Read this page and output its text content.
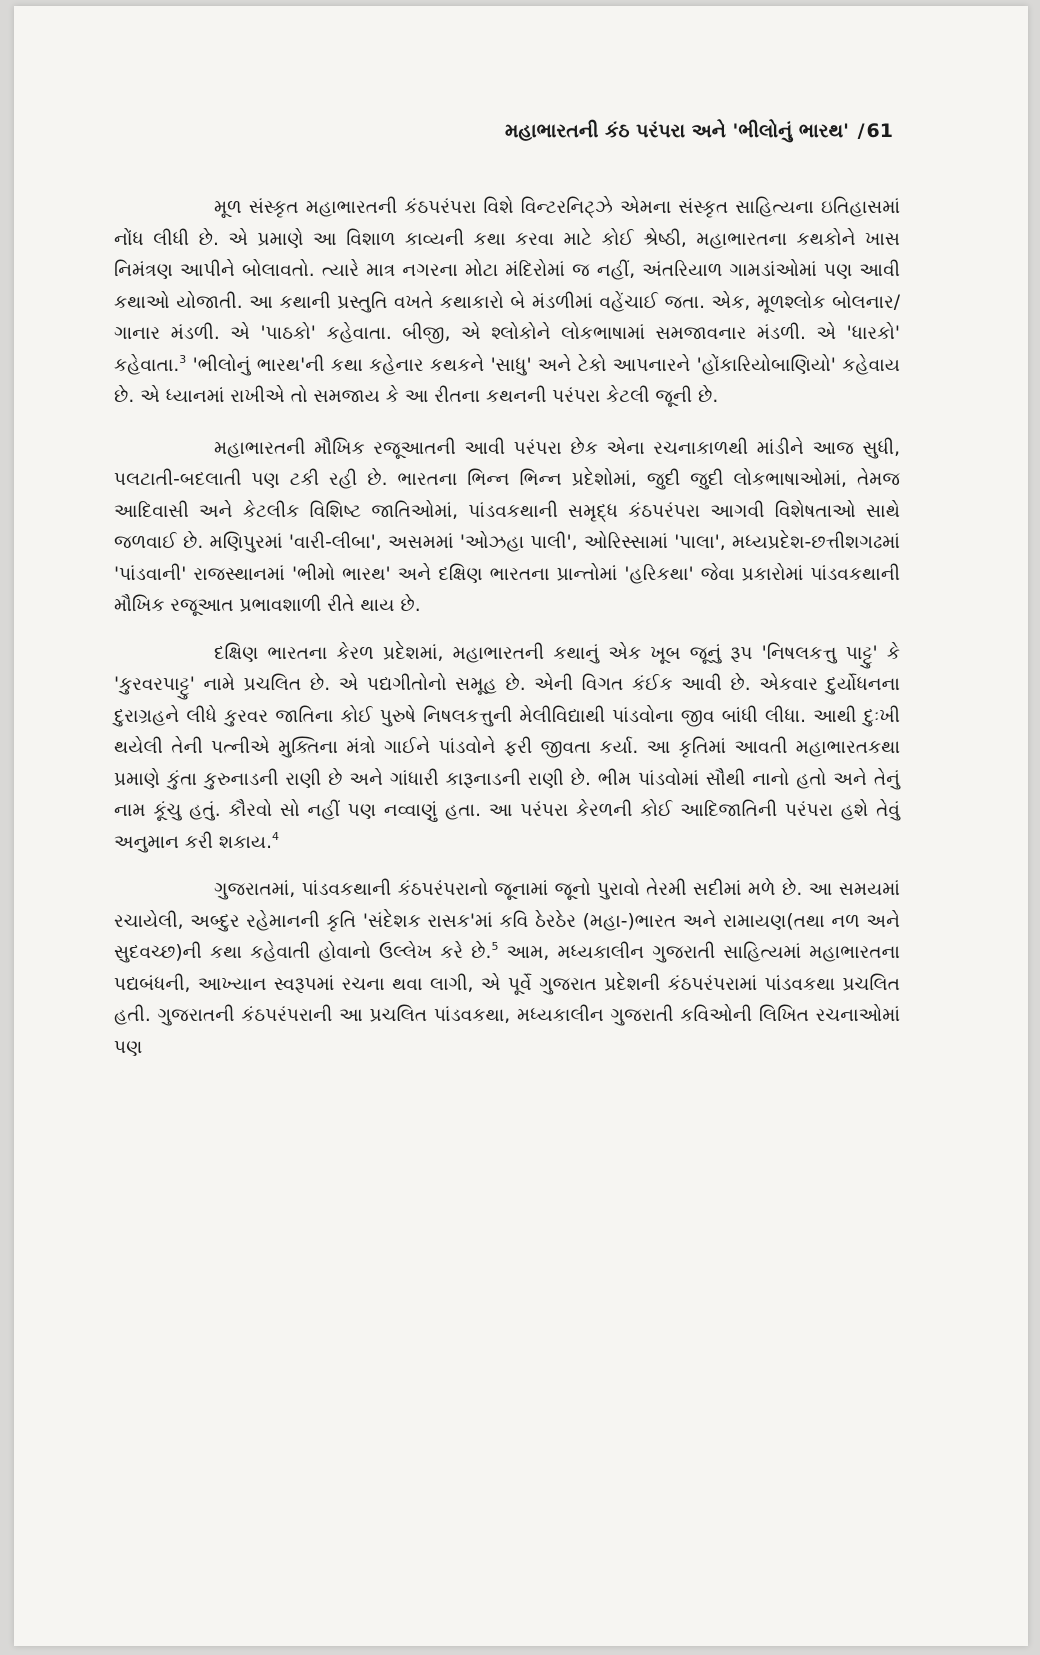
મહાભારતની કંઠ પરંપરા અને 'ભીલોનું ભારથ' / 61

મૂળ સંસ્કૃત મહાભારતની કંઠપરંપરા વિશે વિન્ટરનિટ્ઝે એમના સંસ્કૃત સાહિત્યના ઇતિહાસમાં નોંધ લીધી છે. એ પ્રમાણે આ વિશાળ કાવ્યની કથા કરવા માટે કોઈ શ્રેષ્ઠી, મહાભારતના કથકોને ખાસ નિમંત્રણ આપીને બોલાવતો. ત્યારે માત્ર નગરના મોટા મંદિરોમાં જ નહીં, અંતરિયાળ ગામડાંઓમાં પણ આવી કથાઓ યોજાતી. આ કથાની પ્રસ્તુતિ વખતે કથાકારો બે મંડળીમાં વહેંચાઈ જતા. એક, મૂળશ્લોક બોલનાર/ગાનાર મંડળી. એ 'પાઠકો' કહેવાતા. બીજી, એ શ્લોકોને લોકભાષામાં સમજાવનાર મંડળી. એ 'ધારકો' કહેવાતા.$^3$ 'ભીલોનું ભારથ'ની કથા કહેનાર કથકને 'સાધુ' અને ટેકો આપનારને 'હોંકારિયોબાણિયો' કહેવાય છે. એ ધ્યાનમાં રાખીએ તો સમજાય કે આ રીતના કથનની પરંપરા કેટલી જૂની છે.

મહાભારતની મૌખિક રજૂઆતની આવી પરંપરા છેક એના રચનાકાળથી માંડીને આજ સુધી, પલટાતી-બદલાતી પણ ટકી રહી છે. ભારતના ભિન્ન ભિન્ન પ્રદેશોમાં, જુદી જુદી લોકભાષાઓમાં, તેમજ આદિવાસી અને કેટલીક વિશિષ્ટ જાતિઓમાં, પાંડવકથાની સમૃદ્ધ કંઠપરંપરા આગવી વિશેષતાઓ સાથે જળવાઈ છે. મણિપુરમાં 'વારી-લીબા', અસમમાં 'ઓઝહા પાલી', ઓરિસ્સામાં 'પાલા', મધ્યપ્રદેશ-છત્તીશગઢમાં 'પાંડવાની' રાજસ્થાનમાં 'ભીમો ભારથ' અને દક્ષિણ ભારતના પ્રાન્તોમાં 'હરિકથા' જેવા પ્રકારોમાં પાંડવકથાની મૌખિક રજૂઆત પ્રભાવશાળી રીતે થાય છે.

દક્ષિણ ભારતના કેરળ પ્રદેશમાં, મહાભારતની કથાનું એક ખૂબ જૂનું રૂપ 'નિષલકત્તુ પાટ્ટુ' કે 'કુરવરપાટ્ટુ' નામે પ્રચલિત છે. એ પદ્યગીતોનો સમૂહ છે. એની વિગત કંઈક આવી છે. એકવાર દુર્યોધનના દુરાગ્રહને લીધે કુરવર જાતિના કોઈ પુરુષે નિષલકત્તુની મેલીવિદ્યાથી પાંડવોના જીવ બાંધી લીધા. આથી દુઃખી થયેલી તેની પત્નીએ મુક્તિના મંત્રો ગાઈને પાંડવોને ફરી જીવતા કર્યા. આ કૃતિમાં આવતી મહાભારતકથા પ્રમાણે કુંતા કુરુનાડની રાણી છે અને ગાંધારી કારૂનાડની રાણી છે. ભીમ પાંડવોમાં સૌથી નાનો હતો અને તેનું નામ કૂંચુ હતું. કૌરવો સો નહીં પણ નવ્વાણું હતા. આ પરંપરા કેરળની કોઈ આદિજાતિની પરંપરા હશે તેવું અનુમાન કરી શકાય.$^4$

ગુજરાતમાં, પાંડવકથાની કંઠપરંપરાનો જૂનામાં જૂનો પુરાવો તેરમી સદીમાં મળે છે. આ સમયમાં રચાયેલી, અબ્દુર રહેમાનની કૃતિ 'સંદેશક રાસક'માં કવિ ઠેરઠેર (મહા-)ભારત અને રામાયણ(તથા નળ અને સુદવચ્છ)ની કથા કહેવાતી હોવાનો ઉલ્લેખ કરે છે.$^5$ આમ, મધ્યકાલીન ગુજરાતી સાહિત્યમાં મહાભારતના પદ્યબંધની, આખ્યાન સ્વરૂપમાં રચના થવા લાગી, એ પૂર્વે ગુજરાત પ્રદેશની કંઠપરંપરામાં પાંડવકથા પ્રચલિત હતી. ગુજરાતની કંઠપરંપરાની આ પ્રચલિત પાંડવકથા, મધ્યકાલીન ગુજરાતી કવિઓની લિખિત રચનાઓમાં પણ
